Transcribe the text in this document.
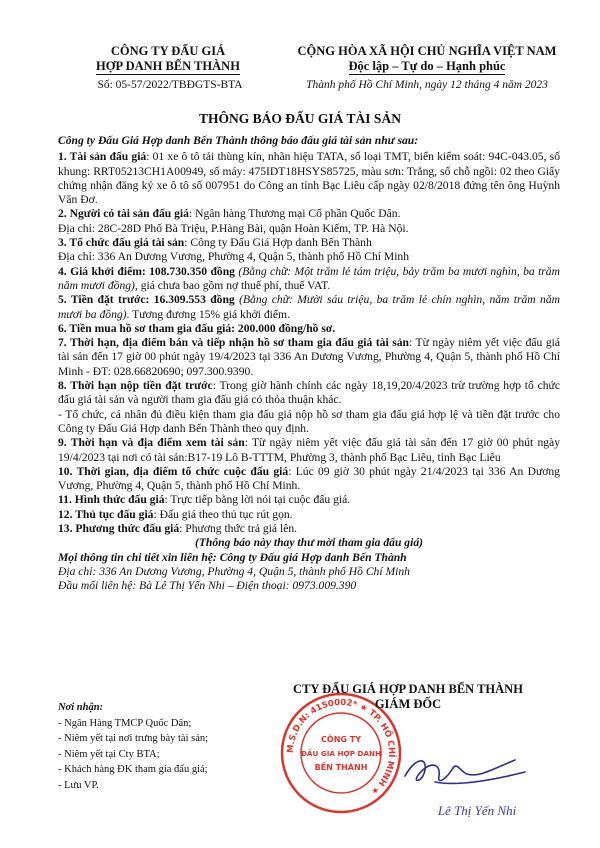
CÔNG TY ĐẤU GIÁ
HỢP DANH BẾN THÀNH
Số: 05-57/2022/TBĐGTS-BTA
CỘNG HÒA XÃ HỘI CHỦ NGHĨA VIỆT NAM
Độc lập – Tự do – Hạnh phúc
Thành phố Hồ Chí Minh, ngày 12 tháng 4 năm 2023
THÔNG BÁO ĐẤU GIÁ TÀI SẢN

Công ty Đấu Giá Hợp danh Bến Thành thông báo đấu giá tài sản như sau:

1. Tài sản đấu giá: 01 xe ô tô tải thùng kín, nhãn hiệu TATA, số loại TMT, biển kiểm soát: 94C-043.05, số khung: RRT05213CH1A00949, số máy: 475IDT18HSYS85725, màu sơn: Trắng, số chỗ ngồi: 02 theo Giấy chứng nhận đăng ký xe ô tô số 007951 do Công an tỉnh Bạc Liêu cấp ngày 02/8/2018 đứng tên ông Huỳnh Văn Đơ.

2. Người có tài sản đấu giá: Ngân hàng Thương mại Cổ phần Quốc Dân.

Địa chỉ: 28C-28D Phố Bà Triệu, P.Hàng Bài, quận Hoàn Kiếm, TP. Hà Nội.

3. Tổ chức đấu giá tài sản: Công ty Đấu Giá Hợp danh Bến Thành

Địa chỉ: 336 An Dương Vương, Phường 4, Quận 5, thành phố Hồ Chí Minh

4. Giá khởi điểm: 108.730.350 đồng (Bằng chữ: Một trăm lẻ tám triệu, bảy trăm ba mươi nghìn, ba trăm năm mươi đồng), giá chưa bao gồm nợ thuế phí, thuế VAT.

5. Tiền đặt trước: 16.309.553 đồng (Bằng chữ: Mười sáu triệu, ba trăm lẻ chín nghìn, năm trăm năm mươi ba đồng). Tương đương 15% giá khởi điểm.

6. Tiền mua hồ sơ tham gia đấu giá: 200.000 đồng/hồ sơ.

7. Thời hạn, địa điểm bán và tiếp nhận hồ sơ tham gia đấu giá tài sản: Từ ngày niêm yết việc đấu giá tài sản đến 17 giờ 00 phút ngày 19/4/2023 tại 336 An Dương Vương, Phường 4, Quận 5, thành phố Hồ Chí Minh - ĐT: 028.66820690; 097.300.9390.

8. Thời hạn nộp tiền đặt trước: Trong giờ hành chính các ngày 18,19,20/4/2023 trừ trường hợp tổ chức đấu giá tài sản và người tham gia đấu giá có thỏa thuận khác.

- Tổ chức, cá nhân đủ điều kiện tham gia đấu giá nộp hồ sơ tham gia đấu giá hợp lệ và tiền đặt trước cho Công ty Đấu Giá Hợp danh Bến Thành theo quy định.

9. Thời hạn và địa điểm xem tài sản: Từ ngày niêm yết việc đấu giá tài sản đến 17 giờ 00 phút ngày 19/4/2023 tại nơi có tài sản:B17-19 Lô B-TTTM, Phường 3, thành phố Bạc Liêu, tỉnh Bạc Liêu

10. Thời gian, địa điểm tổ chức cuộc đấu giá: Lúc 09 giờ 30 phút ngày 21/4/2023 tại 336 An Dương Vương, Phường 4, Quận 5, thành phố Hồ Chí Minh.

11. Hình thức đấu giá: Trực tiếp bằng lời nói tại cuộc đấu giá.

12. Thủ tục đấu giá: Đấu giá theo thủ tục rút gọn.

13. Phương thức đấu giá: Phương thức trả giá lên.

(Thông báo này thay thư mời tham gia đấu giá)

Mọi thông tin chi tiết xin liên hệ: Công ty Đấu giá Hợp danh Bến Thành

Địa chỉ: 336 An Dương Vương, Phường 4, Quận 5, thành phố Hồ Chí Minh

Đầu mối liên hệ: Bà Lê Thị Yến Nhi – Điện thoại: 0973.009.390

Nơi nhận:
- Ngân Hàng TMCP Quốc Dân;
- Niêm yết tại nơi trưng bày tài sản;
- Niêm yết tại Cty BTA;
- Khách hàng ĐK tham gia đấu giá;
- Lưu VP.
M.S.D.N: 4150002* ★ TP. HỒ CHÍ MINH ★
CÔNG TY
ĐẤU GIÁ HỢP DANH
BẾN THÀNH
CTY ĐẤU GIÁ HỢP DANH BẾN THÀNH
GIÁM ĐỐC
Lê Thị Yến Nhi
